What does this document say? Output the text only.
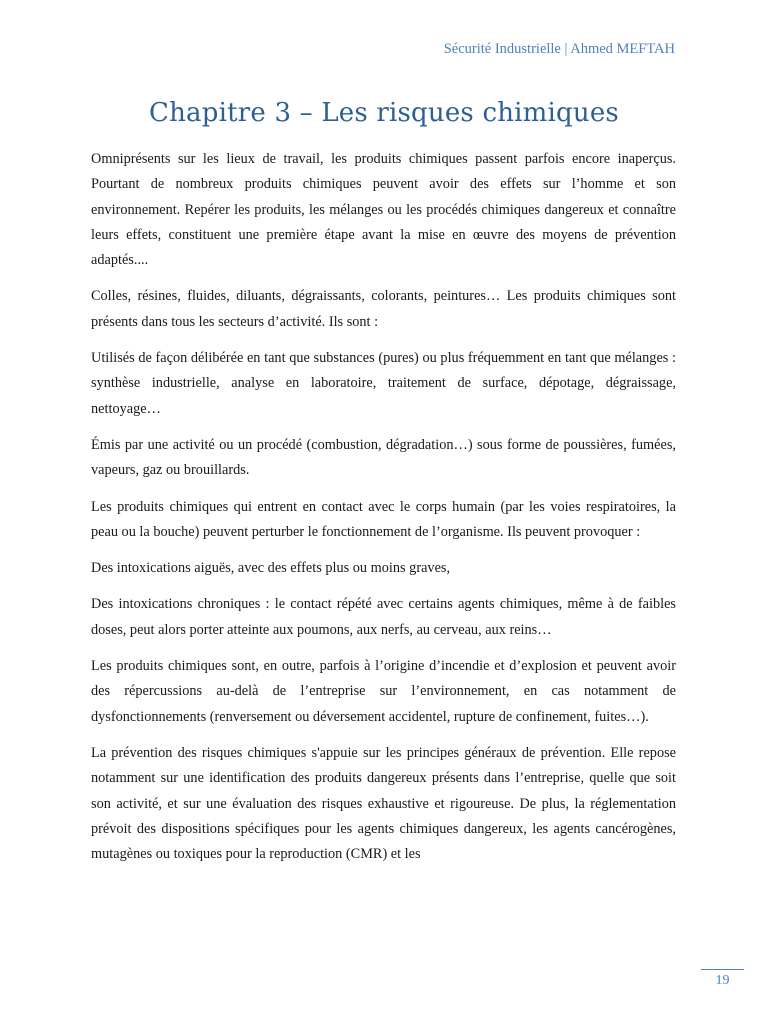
Sécurité Industrielle | Ahmed MEFTAH
Chapitre 3 – Les risques chimiques

Omniprésents sur les lieux de travail, les produits chimiques passent parfois encore inaperçus. Pourtant de nombreux produits chimiques peuvent avoir des effets sur l’homme et son environnement. Repérer les produits, les mélanges ou les procédés chimiques dangereux et connaître leurs effets, constituent une première étape avant la mise en œuvre des moyens de prévention adaptés....

Colles, résines, fluides, diluants, dégraissants, colorants, peintures… Les produits chimiques sont présents dans tous les secteurs d’activité. Ils sont :

Utilisés de façon délibérée en tant que substances (pures) ou plus fréquemment en tant que mélanges : synthèse industrielle, analyse en laboratoire, traitement de surface, dépotage, dégraissage, nettoyage…

Émis par une activité ou un procédé (combustion, dégradation…) sous forme de poussières, fumées, vapeurs, gaz ou brouillards.

Les produits chimiques qui entrent en contact avec le corps humain (par les voies respiratoires, la peau ou la bouche) peuvent perturber le fonctionnement de l’organisme. Ils peuvent provoquer :

Des intoxications aiguës, avec des effets plus ou moins graves,

Des intoxications chroniques : le contact répété avec certains agents chimiques, même à de faibles doses, peut alors porter atteinte aux poumons, aux nerfs, au cerveau, aux reins…

Les produits chimiques sont, en outre, parfois à l’origine d’incendie et d’explosion et peuvent avoir des répercussions au-delà de l’entreprise sur l’environnement, en cas notamment de dysfonctionnements (renversement ou déversement accidentel, rupture de confinement, fuites…).

La prévention des risques chimiques s'appuie sur les principes généraux de prévention. Elle repose notamment sur une identification des produits dangereux présents dans l’entreprise, quelle que soit son activité, et sur une évaluation des risques exhaustive et rigoureuse. De plus, la réglementation prévoit des dispositions spécifiques pour les agents chimiques dangereux, les agents cancérogènes, mutagènes ou toxiques pour la reproduction (CMR) et les

19
